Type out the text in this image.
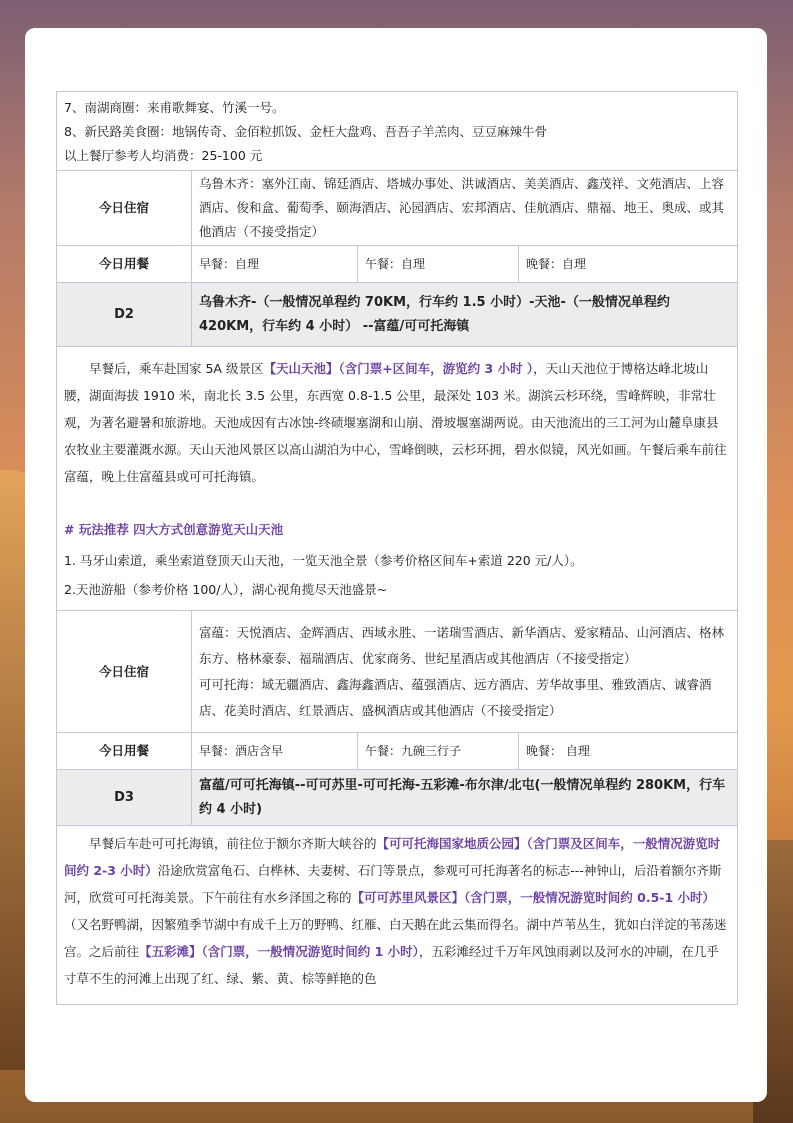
7、南湖商圈：来甫歌舞宴、竹溪一号。
8、新民路美食圈：地锅传奇、金佰粒抓饭、金枉大盘鸡、吾吾子羊羔肉、豆豆麻辣牛骨
以上餐厅参考人均消费：25-100 元			

今日住宿	乌鲁木齐：塞外江南、锦廷酒店、塔城办事处、洪诚酒店、美美酒店、鑫茂祥、文苑酒店、上容酒店、俊和盒、葡萄季、颐海酒店、沁园酒店、宏邦酒店、佳航酒店、鼎福、地王、奥成、或其他酒店（不接受指定）		
今日用餐	早餐：自理	午餐：自理	晚餐：自理
D2	乌鲁木齐-（一般情况单程约 70KM，行车约 1.5 小时）-天池-（一般情况单程约 420KM，行车约 4 小时） --富蕴/可可托海镇		

早餐后，乘车赴国家 5A 级景区【天山天池】（含门票+区间车，游览约 3 小时 ），天山天池位于博格达峰北坡山腰，湖面海拔 1910 米，南北长 3.5 公里，东西宽 0.8-1.5 公里，最深处 103 米。湖滨云杉环绕，雪峰辉映，非常壮观，为著名避暑和旅游地。天池成因有古冰蚀-终碛堰塞湖和山崩、滑坡堰塞湖两说。由天池流出的三工河为山麓阜康县农牧业主要灌溉水源。天山天池风景区以高山湖泊为中心，雪峰倒映，云杉环拥，碧水似镜，风光如画。午餐后乘车前往富蕴，晚上住富蕴县或可可托海镇。
# 玩法推荐 四大方式创意游览天山天池
1. 马牙山索道，乘坐索道登顶天山天池，一览天池全景（参考价格区间车+索道 220 元/人）。
2.天池游船（参考价格 100/人），湖心视角揽尽天池盛景~			

今日住宿	富蕴：天悦酒店、金辉酒店、西域永胜、一诺瑞雪酒店、新华酒店、爱家精品、山河酒店、格林东方、格林豪泰、福瑞酒店、优家商务、世纪星酒店或其他酒店（不接受指定）
可可托海：域无疆酒店、鑫海鑫酒店、蕴强酒店、远方酒店、芳华故事里、雅致酒店、诚睿酒店、花美时酒店、红景酒店、盛枫酒店或其他酒店（不接受指定）		

今日用餐	早餐：酒店含早	午餐：九碗三行子	晚餐： 自理
D3	富蕴/可可托海镇--可可苏里-可可托海-五彩滩-布尔津/北屯(一般情况单程约 280KM，行车约 4 小时)		

早餐后车赴可可托海镇，前往位于额尔齐斯大峡谷的【可可托海国家地质公园】（含门票及区间车，一般情况游览时间约 2-3 小时）沿途欣赏富龟石、白桦林、夫妻树、石门等景点，参观可可托海著名的标志---神钟山，后沿着额尔齐斯河，欣赏可可托海美景。下午前往有水乡泽国之称的【可可苏里风景区】（含门票，一般情况游览时间约 0.5-1 小时）（又名野鸭湖，因繁殖季节湖中有成千上万的野鸭、红雁、白天鹅在此云集而得名。湖中芦苇丛生，犹如白洋淀的苇荡迷宫。之后前往【五彩滩】（含门票，一般情况游览时间约 1 小时），五彩滩经过千万年风蚀雨剥以及河水的冲刷，在几乎寸草不生的河滩上出现了红、绿、紫、黄、棕等鲜艳的色			
